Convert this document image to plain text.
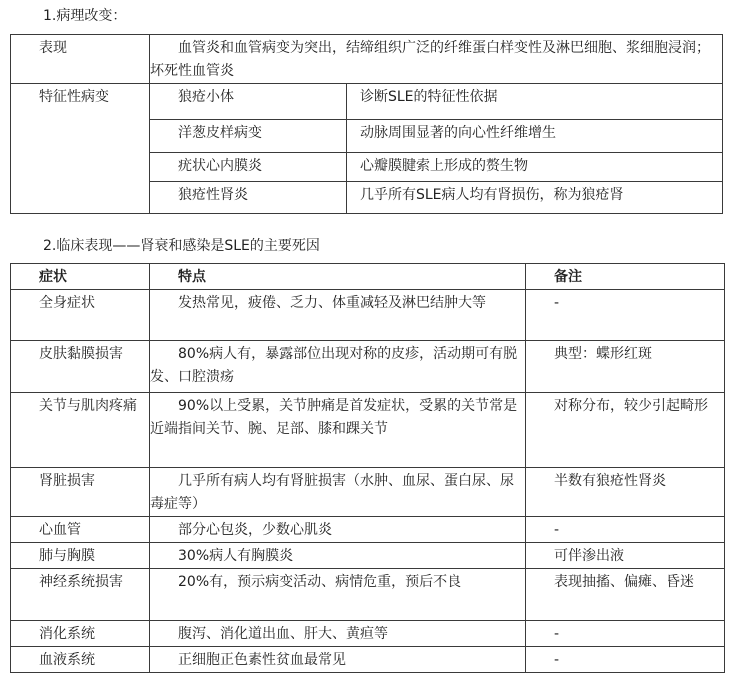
1.病理改变：
表现	血管炎和血管病变为突出，结缔组织广泛的纤维蛋白样变性及淋巴细胞、浆细胞浸润；坏死性血管炎	
特征性病变	狼疮小体	诊断SLE的特征性依据
	洋葱皮样病变	动脉周围显著的向心性纤维增生
	疣状心内膜炎	心瓣膜腱索上形成的赘生物
	狼疮性肾炎	几乎所有SLE病人均有肾损伤，称为狼疮肾
2.临床表现——肾衰和感染是SLE的主要死因
症状	特点	备注
全身症状	发热常见，疲倦、乏力、体重减轻及淋巴结肿大等	-
皮肤黏膜损害	80%病人有，暴露部位出现对称的皮疹，活动期可有脱发、口腔溃疡	典型：蝶形红斑
关节与肌肉疼痛	90%以上受累，关节肿痛是首发症状，受累的关节常是近端指间关节、腕、足部、膝和踝关节	对称分布，较少引起畸形
肾脏损害	几乎所有病人均有肾脏损害（水肿、血尿、蛋白尿、尿毒症等）	半数有狼疮性肾炎
心血管	部分心包炎，少数心肌炎	-
肺与胸膜	30%病人有胸膜炎	可伴渗出液
神经系统损害	20%有，预示病变活动、病情危重，预后不良	表现抽搐、偏瘫、昏迷
消化系统	腹泻、消化道出血、肝大、黄疸等	-
血液系统	正细胞正色素性贫血最常见	-
